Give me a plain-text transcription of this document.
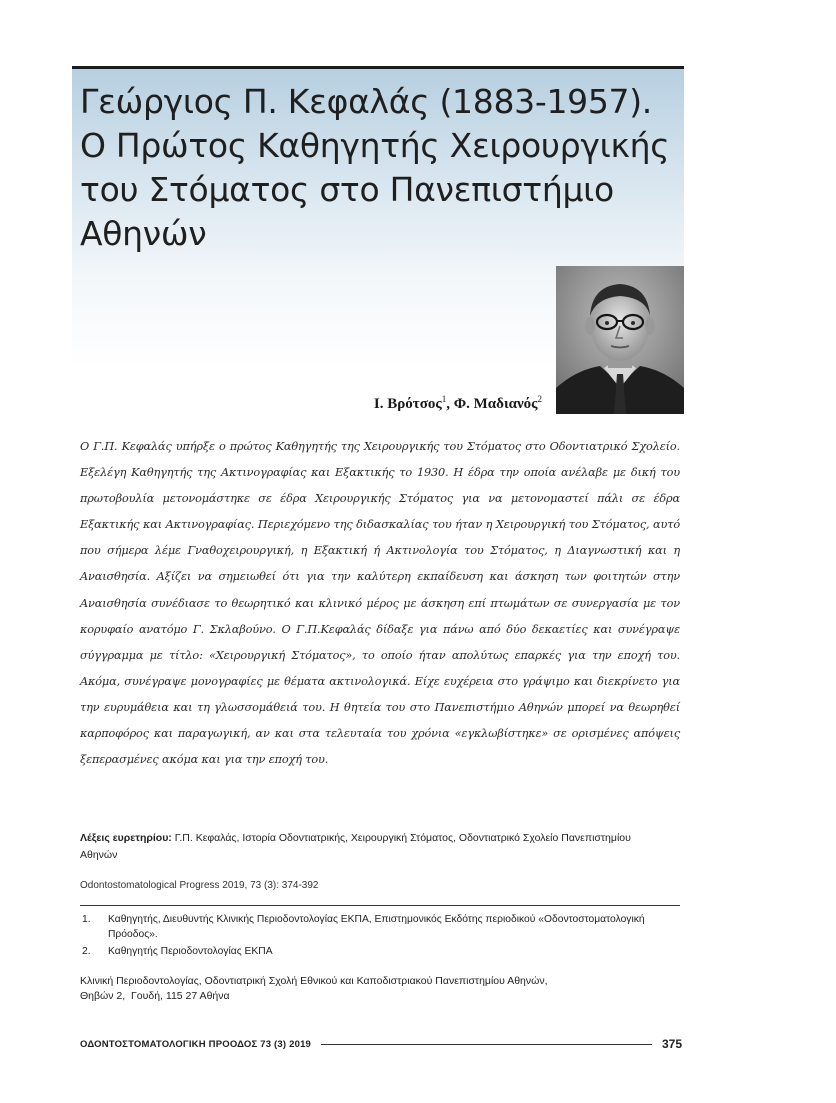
Γεώργιος Π. Κεφαλάς (1883-1957).
Ο Πρώτος Καθηγητής Χειρουργικής
του Στόματος στο Πανεπιστήμιο
Αθηνών

Ι. Βρότσος$^1$, Φ. Μαδιανός$^2$

Ο Γ.Π. Κεφαλάς υπήρξε ο πρώτος Καθηγητής της Χειρουργικής του Στόματος στο Οδοντιατρικό Σχολείο. Εξελέγη Καθηγητής της Ακτινογραφίας και Εξακτικής το 1930. Η έδρα την οποία ανέλαβε με δική του πρωτοβουλία μετονομάστηκε σε έδρα Χειρουργικής Στόματος για να μετονομαστεί πάλι σε έδρα Εξακτικής και Ακτινογραφίας. Περιεχόμενο της διδασκαλίας του ήταν η Χειρουργική του Στόματος, αυτό που σήμερα λέμε Γναθοχειρουργική, η Εξακτική ή Ακτινολογία του Στόματος, η Διαγνωστική και η Αναισθησία. Αξίζει να σημειωθεί ότι για την καλύτερη εκπαίδευση και άσκηση των φοιτητών στην Αναισθησία συνέδιασε το θεωρητικό και κλινικό μέρος με άσκηση επί πτωμάτων σε συνεργασία με τον κορυφαίο ανατόμο Γ. Σκλαβούνο. Ο Γ.Π.Κεφαλάς δίδαξε για πάνω από δύο δεκαετίες και συνέγραψε σύγγραμμα με τίτλο: «Χειρουργική Στόματος», το οποίο ήταν απολύτως επαρκές για την εποχή του. Ακόμα, συνέγραψε μονογραφίες με θέματα ακτινολογικά. Είχε ευχέρεια στο γράψιμο και διεκρίνετο για την ευρυμάθεια και τη γλωσσομάθειά του. Η θητεία του στο Πανεπιστήμιο Αθηνών μπορεί να θεωρηθεί καρποφόρος και παραγωγική, αν και στα τελευταία του χρόνια «εγκλωβίστηκε» σε ορισμένες απόψεις ξεπερασμένες ακόμα και για την εποχή του.

Λέξεις ευρετηρίου: Γ.Π. Κεφαλάς, Ιστορία Οδοντιατρικής, Χειρουργική Στόματος, Οδοντιατρικό Σχολείο Πανεπιστημίου Αθηνών

Odontostomatological Progress 2019, 73 (3): 374-392

1.	Καθηγητής, Διευθυντής Κλινικής Περιοδοντολογίας ΕΚΠΑ, Επιστημονικός Εκδότης περιοδικού «Οδοντοστοματολογική Πρόοδος».
2.	Καθηγητής Περιοδοντολογίας ΕΚΠΑ

Κλινική Περιοδοντολογίας, Οδοντιατρική Σχολή Εθνικού και Καποδιστριακού Πανεπιστημίου Αθηνών,
Θηβών 2,  Γουδή, 115 27 Αθήνα

ΟΔΟΝΤΟΣΤΟΜΑΤΟΛΟΓΙΚΗ ΠΡΟΟΔΟΣ 73 (3) 2019	375
